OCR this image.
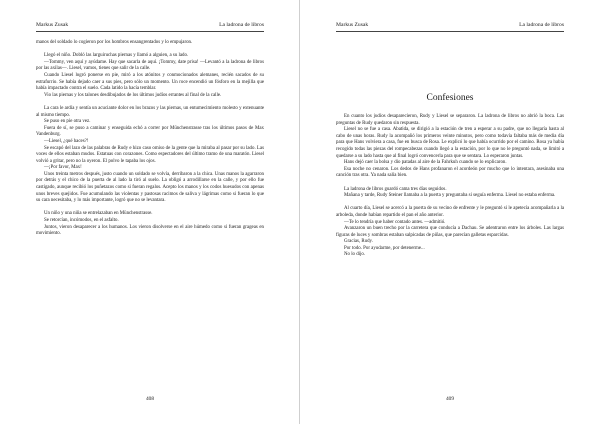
Markus Zusak	La ladrona de libros

manos del soldado lo cogieron por los hombros ensangrentados y lo empujaron.

Llegó el niño. Dobló las larguiruchas piernas y llamó a alguien, a su lado.

—Tommy, ven aquí y ayúdame. Hay que sacarla de aquí. ¡Tommy, date prisa! —Levantó a la ladrona de libros por las axilas—. Liesel, vamos, tienes que salir de la calle.

Cuando Liesel logró ponerse en pie, miró a los atónitos y conmocionados alemanes, recién sacados de su estrafurrio. Se había dejado caer a sus pies, pero sólo un momento. Un roce encendió un fósforo en la mejilla que había impactado contra el suelo. Cada latido la hacía temblar.

Vio las piernas y los talones desdibujados de los últimos judíos errantes al final de la calle.

La cara le ardía y sentía un acuciante dolor en los brazos y las piernas, un entumecimiento molesto y extenuante al mismo tiempo.

Se puso en pie otra vez.

Fuera de sí, se puso a caminar y enseguida echó a correr por Münchenstrasse tras los últimos pasos de Max Vandenburg.

—Liesel, ¿qué haces?!

Se escapó del lazo de las palabras de Rudy e hizo caso omiso de la gente que la miraba al pasar por su lado. Las voces de ellos estaban mudos. Estatuas con corazones. Como espectadores del último tramo de una maratón. Liesel volvió a gritar, pero no la oyeron. El polvo le tapaba los ojos.

—¡Por favor, Max!

Unos treinta metros después, justo cuando un soldado se volvía, derribaron a la chica. Unas manos la agarraron por detrás y el chico de la puerta de al lado la tiró al suelo. La obligó a arrodillarse en la calle, y por ello fue castigado, aunque recibió los puñetazos como si fueran regalos. Acepto los manos y los codos huesudos con apenas unos breves quejidos. Fue acumulando las violentas y pastosas racimos de saliva y lágrimas como si fueran lo que su cara necesitaba, y lo más importante, logró que no se levantara.

Un niño y una niña se entrelazaban en Münchenstrasse.

Se retorcían, incómodos, en el asfalto.

Juntos, vieron desaparecer a los humanos. Los vieron disolverse en el aire húmedo como si fueran grageas en movimiento.

408
Markus Zusak	La ladrona de libros
Confesiones

En cuanto los judíos desaparecieron, Rudy y Liesel se separaron. La ladrona de libros no abrió la boca. Las preguntas de Rudy quedaron sin respuesta.

Liesel no se fue a casa. Abatida, se dirigió a la estación de tren a esperar a su padre, que no llegaría hasta al cabo de unas horas. Rudy la acompañó los primeros veinte minutos, pero como todavía faltaba más de media día para que Hans volviera a casa, fue en busca de Rosa. Le explicó lo que había ocurrido por el camino. Rosa ya había recogido todas las piezas del rompecabezas cuando llegó a la estación, por lo que no le preguntó nada, se limitó a quedarse a su lado hasta que al final logró convencerla para que se sentara. Lo esperaron juntas.

Hans dejó caer la bolsa y dio patadas al aire de la Fahrkuh cuando se lo explicaron.

Esa noche no cenaron. Los dedos de Hans profanaron el acordeón por mucho que lo intentara, asesinaba una canción tras otra. Ya nada salía bien.

La ladrona de libros guardó cama tres días seguidos.

Mañana y tarde, Rudy Steiner llamaba a la puerta y preguntaba si seguía enferma. Liesel no estaba enferma.

Al cuarto día, Liesel se acercó a la puerta de su vecino de enfrente y le preguntó si le apetecía acompañarla a la arboleda, donde habían repartido el pan el año anterior.

—Te lo tendría que haber contado antes. —admitió.

Avanzaron un buen trecho por la carretera que conducía a Dachau. Se adentraron entre los árboles. Las largas figuras de luces y sombras estaban salpicadas de piñas, que parecían galletas esparcidas.

Gracias, Rudy.

Por todo. Por ayudarme, por detenerme...

No lo dijo.

409
